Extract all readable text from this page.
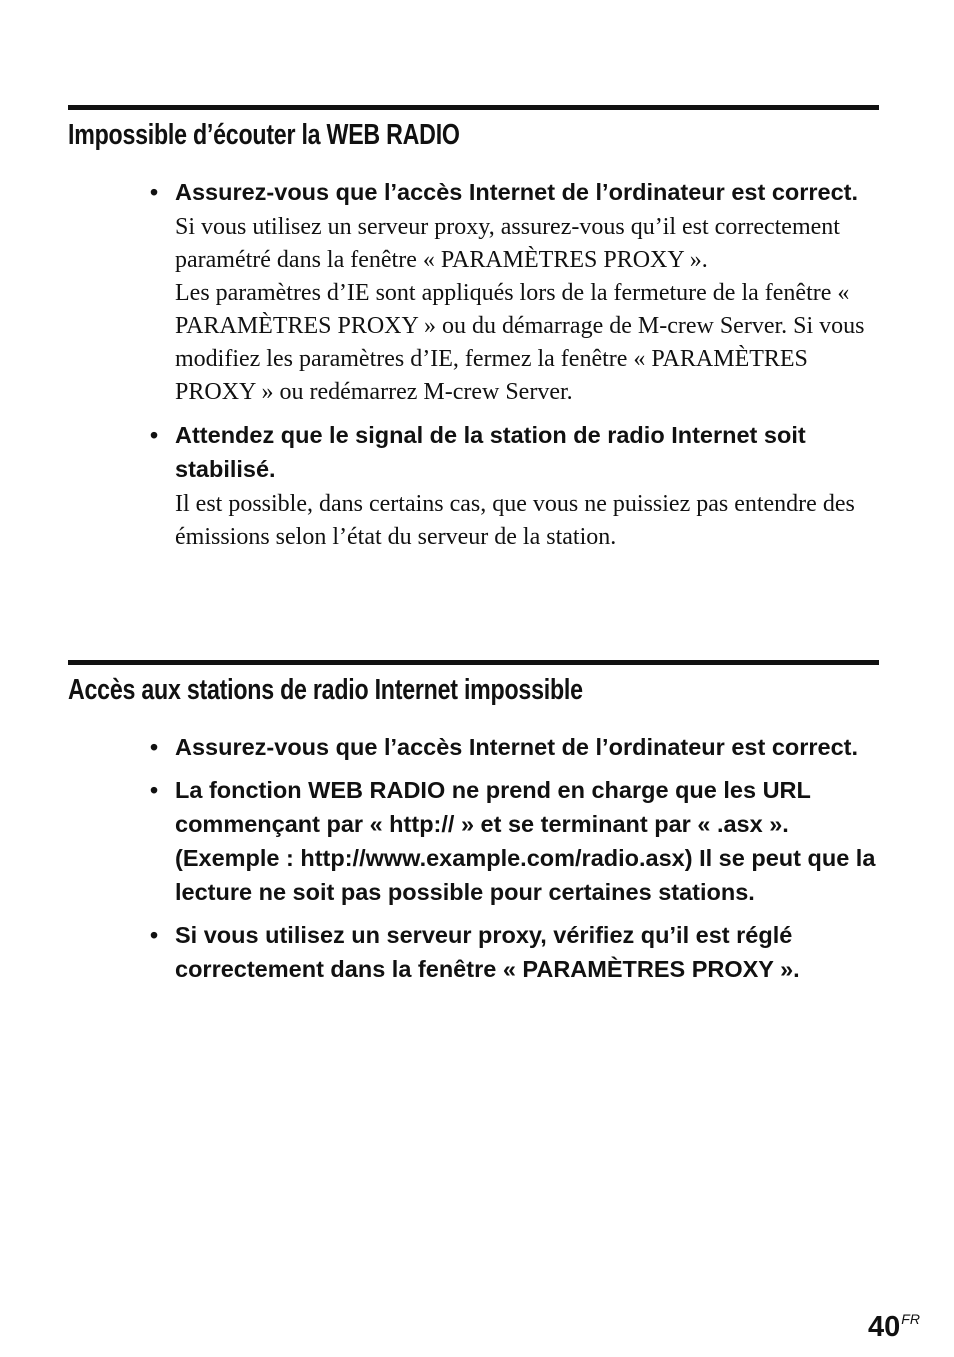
Impossible d’écouter la WEB RADIO
• Assurez-vous que l’accès Internet de l’ordinateur est correct.

Si vous utilisez un serveur proxy, assurez-vous qu’il est correctement paramétré dans la fenêtre « PARAMÈTRES PROXY ».

Les paramètres d’IE sont appliqués lors de la fermeture de la fenêtre « PARAMÈTRES PROXY » ou du démarrage de M-crew Server. Si vous modifiez les paramètres d’IE, fermez la fenêtre « PARAMÈTRES PROXY » ou redémarrez M-crew Server.

• Attendez que le signal de la station de radio Internet soit stabilisé.

Il est possible, dans certains cas, que vous ne puissiez pas entendre des émissions selon l’état du serveur de la station.

Accès aux stations de radio Internet impossible
• Assurez-vous que l’accès Internet de l’ordinateur est correct.

• La fonction WEB RADIO ne prend en charge que les URL commençant par « http:// » et se terminant par « .asx ». (Exemple : http://www.example.com/radio.asx) Il se peut que la lecture ne soit pas possible pour certaines stations.

• Si vous utilisez un serveur proxy, vérifiez qu’il est réglé correctement dans la fenêtre « PARAMÈTRES PROXY ».

$40^{FR}$
